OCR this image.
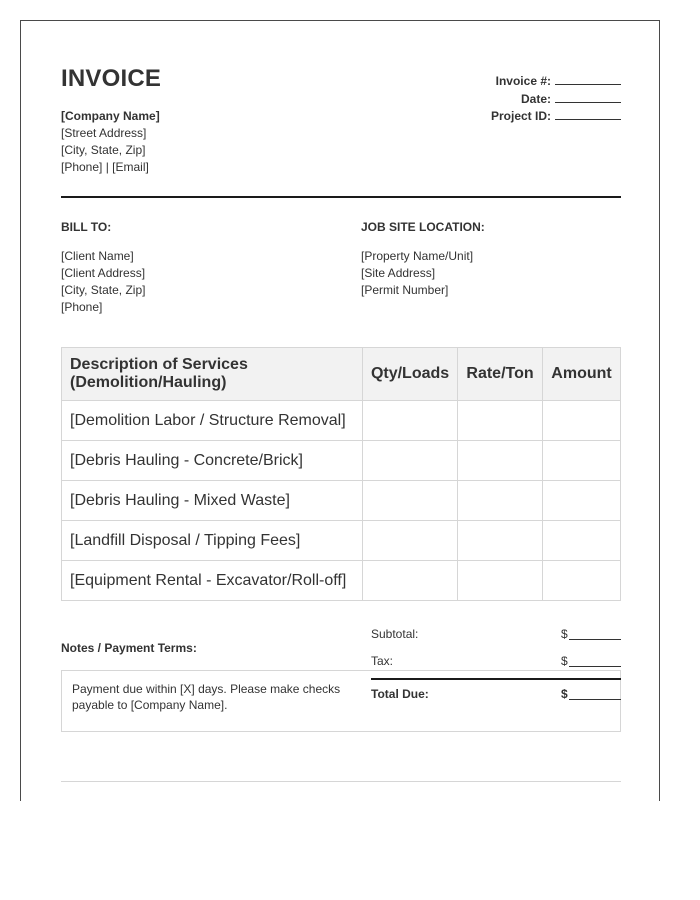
INVOICE
[Company Name]
[Street Address]
[City, State, Zip]
[Phone] | [Email]
Invoice #:
Date:
Project ID:
BILL TO:
[Client Name]
[Client Address]
[City, State, Zip]
[Phone]
JOB SITE LOCATION:
[Property Name/Unit]
[Site Address]
[Permit Number]
Description of Services
(Demolition/Hauling)	Qty/Loads	Rate/Ton	Amount
[Demolition Labor / Structure Removal]			
[Debris Hauling - Concrete/Brick]			
[Debris Hauling - Mixed Waste]			
[Landfill Disposal / Tipping Fees]			
[Equipment Rental - Excavator/Roll-off]			
Notes / Payment Terms:
Payment due within [X] days. Please make checks payable to [Company Name].
Subtotal:	$
Tax:	$
Total Due:	$
